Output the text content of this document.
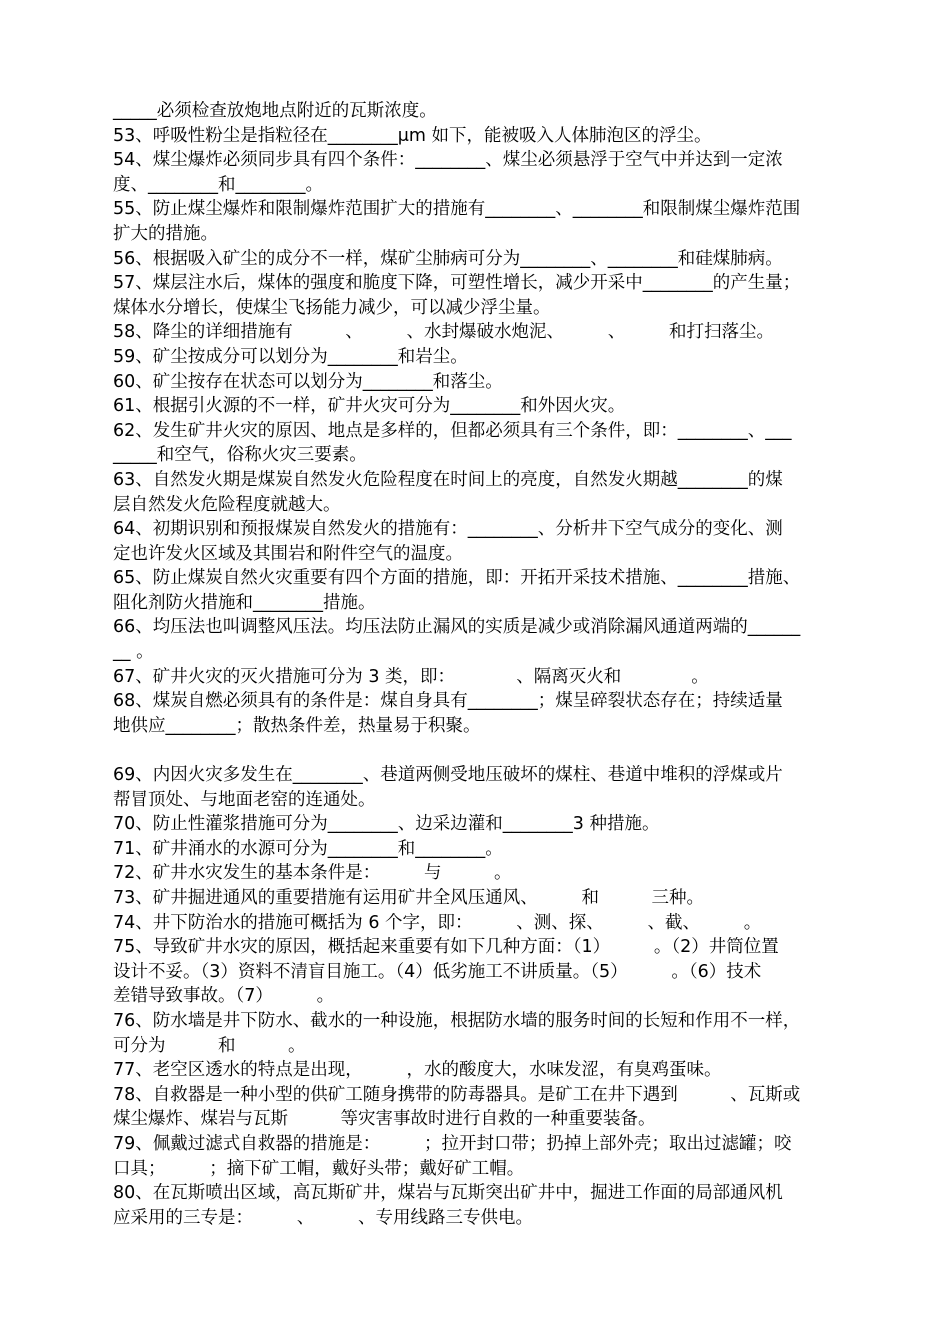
_____必须检查放炮地点附近的瓦斯浓度。
53、呼吸性粉尘是指粒径在________μm 如下，能被吸入人体肺泡区的浮尘。
54、煤尘爆炸必须同步具有四个条件：________、煤尘必须悬浮于空气中并达到一定浓
度、________和________。
55、防止煤尘爆炸和限制爆炸范围扩大的措施有________、________和限制煤尘爆炸范围
扩大的措施。
56、根据吸入矿尘的成分不一样，煤矿尘肺病可分为________、________和硅煤肺病。
57、煤层注水后，煤体的强度和脆度下降，可塑性增长，减少开采中________的产生量；
煤体水分增长，使煤尘飞扬能力减少，可以减少浮尘量。
58、降尘的详细措施有　　　、　　　、水封爆破水炮泥、　　　、　　　和打扫落尘。
59、矿尘按成分可以划分为________和岩尘。
60、矿尘按存在状态可以划分为________和落尘。
61、根据引火源的不一样，矿井火灾可分为________和外因火灾。
62、发生矿井火灾的原因、地点是多样的，但都必须具有三个条件，即：________、___
_____和空气，俗称火灾三要素。
63、自然发火期是煤炭自然发火危险程度在时间上的亮度，自然发火期越________的煤
层自然发火危险程度就越大。
64、初期识别和预报煤炭自然发火的措施有：________、分析井下空气成分的变化、测
定也许发火区域及其围岩和附件空气的温度。
65、防止煤炭自然火灾重要有四个方面的措施，即：开拓开采技术措施、________措施、
阻化剂防火措施和________措施。
66、均压法也叫调整风压法。均压法防止漏风的实质是减少或消除漏风通道两端的______
__ 。
67、矿井火灾的灭火措施可分为 3 类，即：　　　　、隔离灭火和　　　　。
68、煤炭自燃必须具有的条件是：煤自身具有________；煤呈碎裂状态存在；持续适量
地供应________；散热条件差，热量易于积聚。
69、内因火灾多发生在________、巷道两侧受地压破坏的煤柱、巷道中堆积的浮煤或片
帮冒顶处、与地面老窑的连通处。
70、防止性灌浆措施可分为________、边采边灌和________3 种措施。
71、矿井涌水的水源可分为________和________。
72、矿井水灾发生的基本条件是：　　　与　　　。
73、矿井掘进通风的重要措施有运用矿井全风压通风、　　　和　　　三种。
74、井下防治水的措施可概括为 6 个字，即：　　　、测、探、　　　、截、　　　。
75、导致矿井水灾的原因，概括起来重要有如下几种方面：（1）　　　。（2）井筒位置
设计不妥。（3）资料不清盲目施工。（4）低劣施工不讲质量。（5）　　　。（6）技术
差错导致事故。（7）　　　。
76、防水墙是井下防水、截水的一种设施，根据防水墙的服务时间的长短和作用不一样，
可分为　　　和　　　。
77、老空区透水的特点是出现，　　　，水的酸度大，水味发涩，有臭鸡蛋味。
78、自救器是一种小型的供矿工随身携带的防毒器具。是矿工在井下遇到　　　、瓦斯或
煤尘爆炸、煤岩与瓦斯　　　等灾害事故时进行自救的一种重要装备。
79、佩戴过滤式自救器的措施是：　　　；拉开封口带；扔掉上部外壳；取出过滤罐；咬
口具；　　　；摘下矿工帽，戴好头带；戴好矿工帽。
80、在瓦斯喷出区域，高瓦斯矿井，煤岩与瓦斯突出矿井中，掘进工作面的局部通风机
应采用的三专是：　　　、　　　、专用线路三专供电。
